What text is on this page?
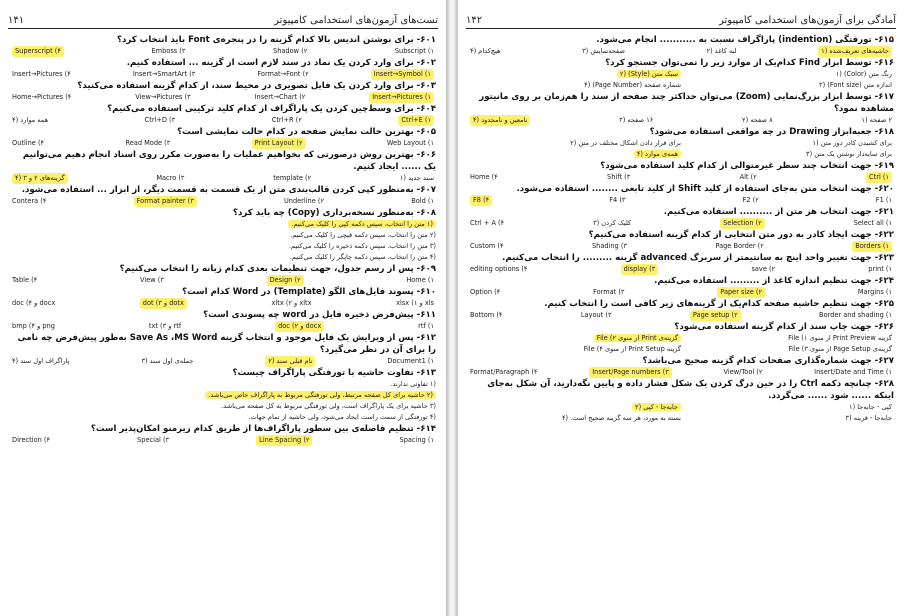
تست‌های آزمون‌های استخدامی کامپیوتر
۱۴۱
۶۰۱- برای نوشتن اندیس بالا کدام گزینه را در پنجره‌ی Font باید انتخاب کرد؟
Subscript (۱
Shadow (۲
Emboss (۳
Superscript (۴
۶۰۲- برای وارد کردن یک نماد در سند لازم است از گزینه ... استفاده کنیم.
Insert→Symbol (۱
Format→Font (۲
Insert→SmartArt (۳
Insert→Pictures (۴
۶۰۳- برای وارد کردن یک فایل تصویری در محیط سند، از کدام گزینه استفاده می‌کنید؟
Insert→Pictures (۱
Insert→Chart (۲
View→Pictures (۳
Home→Pictures (۴
۶۰۴- برای وسط‌چین کردن یک پاراگراف از کدام کلید ترکیبی استفاده می‌کنیم؟
Ctrl+E (۱
Ctrl+R (۲
Ctrl+D (۳
همه موارد (۴
۶۰۵- بهترین حالت نمایش صفحه در کدام حالت نمایشی است؟
Web Layout (۱
Print Layout (۲
Read Mode (۳
Outline (۴
۶۰۶- بهترین روش درصورتی که بخواهیم عملیات را به‌صورت مکرر روی اسناد انجام دهیم می‌توانیم یک ...... ایجاد کنیم.
سند جدید (۱
template (۲
Macro (۳
گزینه‌های ۲ و ۳ (۴
۶۰۷- به‌منظور کپی کردن قالب‌بندی متن از یک قسمت به قسمت دیگر، از ابزار ... استفاده می‌شود.
Bold (۱
Underline (۲
Format painter (۳
Contera (۴
۶۰۸- به‌منظور نسخه‌برداری (Copy) چه باید کرد؟
(۱ متن را انتخاب، سپس دکمه کپی را کلیک می‌کنیم.
(۲ متن را انتخاب، سپس دکمه قیچی را کلیک می‌کنیم.
(۳ متن را انتخاب، سپس دکمه ذخیره را کلیک می‌کنیم.
(۴ متن را انتخاب، سپس دکمه چاپگر را کلیک می‌کنیم.
۶۰۹- پس از رسم جدول، جهت تنظیمات بعدی کدام زبانه را انتخاب می‌کنیم؟
Home (۱
Design (۲
View (۳
Table (۴
۶۱۰- پسوند فایل‌های الگو (Template) در Word کدام است؟
xls و xlsx (۱
xltx و xltx (۲
dotx و dot (۳
docx و doc (۴
۶۱۱- پیش‌فرض ذخیره فایل در word چه پسوندی است؟
rtf (۱
docx و doc (۲
rtf و txt (۳
png و bmp (۴
۶۱۲- پس از ویرایش یک فایل موجود و انتخاب گزینه Save As ،MS Word به‌طور پیش‌فرض چه نامی را برای آن در نظر می‌گیرد؟
Document1 (۱
نام قبلی سند (۲
جمله‌ی اول سند (۳
پاراگراف اول سند (۴
۶۱۳- تفاوت حاشیه با تورفتگی پاراگراف چیست؟
(۱ تفاوتی ندارند.
(۲ حاشیه برای کل صفحه مرتبط، ولی تورفتگی مربوط به پاراگراف خاص می‌باشد.
(۳ حاشیه برای یک پاراگراف است، ولی تورفتگی مربوط به کل صفحه می‌باشد.
(۴ تورفتگی از سمت راست ایجاد می‌شود، ولی حاشیه از تمام جهات.
۶۱۴- تنظیم فاصله‌ی بین سطور پاراگراف‌ها از طریق کدام زیرمنو امکان‌پذیر است؟
Spacing (۱
Line Spacing (۲
Special (۳
Direction (۴
آمادگی برای آزمون‌های استخدامی کامپیوتر
۱۴۲
۶۱۵- تورفتگی (indention) پاراگراف نسبت به ........... انجام می‌شود.
حاشیه‌های تعریف‌شده (۱
لبه کاغذ (۲
صفحه‌نمایش (۳
هیچ‌کدام (۴
۶۱۶- توسط ابزار Find کدام‌یک از موارد زیر را نمی‌توان جستجو کرد؟
رنگ متن (Color) (۱
سبک متن (Style) (۲
اندازه متن (Font size) (۳
شماره صفحه (Page Number) (۴
۶۱۷- توسط ابزار بزرگ‌نمایی (Zoom) می‌توان حداکثر چند صفحه از سند را هم‌زمان بر روی مانیتور مشاهده نمود؟
۲ صفحه (۱
۸ صفحه (۲
۱۶ صفحه (۳
نامعین و نامحدود (۴
۶۱۸- جعبه‌ابزار Drawing در چه مواقعی استفاده می‌شود؟
برای کشیدن کادر دور متن (۱
برای قرار دادن اشکال مختلف در متن (۲
برای سایه‌دار نوشتن یک متن (۳
همه‌ی موارد (۴
۶۱۹- جهت انتخاب چند سطر غیرمتوالی از کدام کلید استفاده می‌شود؟
Ctrl (۱
Alt (۲
Shift (۳
Home (۴
۶۲۰- جهت انتخاب متن به‌جای استفاده از کلید Shift از کلید تابعی ........ استفاده می‌شود.
F1 (۱
F2 (۲
F4 (۳
F8 (۴
۶۲۱- جهت انتخاب هر متن از .......... استفاده می‌کنیم.
Select all (۱
Selection (۲
کلیک کردن (۳
Ctrl + A (۴
۶۲۲- جهت ایجاد کادر به دور متن انتخابی از کدام گزینه استفاده می‌کنیم؟
Borders (۱
Page Border (۲
Shading (۳
Custom (۴
۶۲۳- جهت تغییر واحد اینچ به سانتیمتر از سربرگ advanced گزینه ......... را انتخاب می‌کنیم.
print (۱
save (۲
display (۳
editing options (۴
۶۲۴- جهت تنظیم اندازه کاغذ از ......... استفاده می‌کنیم.
Margins (۱
Paper size (۲
Format (۳
Option (۴
۶۲۵- جهت تنظیم حاشیه صفحه کدام‌یک از گزینه‌های زیر کافی است را انتخاب کنیم.
Border and shading (۱
Page setup (۲
Layout (۳
Bottom (۴
۶۲۶- جهت چاپ سند از کدام گزینه استفاده می‌شود؟
گزینه Print Preview از منوی File (۱
گزینه‌ی Print از منوی File (۲
گزینه‌ی Page Setup از منوی File (۳
گزینه Print Setup از منوی File (۴
۶۲۷- جهت شماره‌گذاری صفحات کدام گزینه صحیح می‌باشد؟
Insert/Date and Time (۱
View/Tool (۲
Insert/Page numbers (۳
Format/Paragraph (۴
۶۲۸- چنانچه دکمه Ctrl را در حین درگ کردن یک شکل فشار داده و پایین نگه‌دارید، آن شکل به‌جای اینکه ...... شود ...... می‌گردد.
کپی - جابه‌جا (۱
جابه‌جا - کپی (۲
جابه‌جا - قرینه (۳
بسته به مورد، هر سه گزینه صحیح است. (۴
